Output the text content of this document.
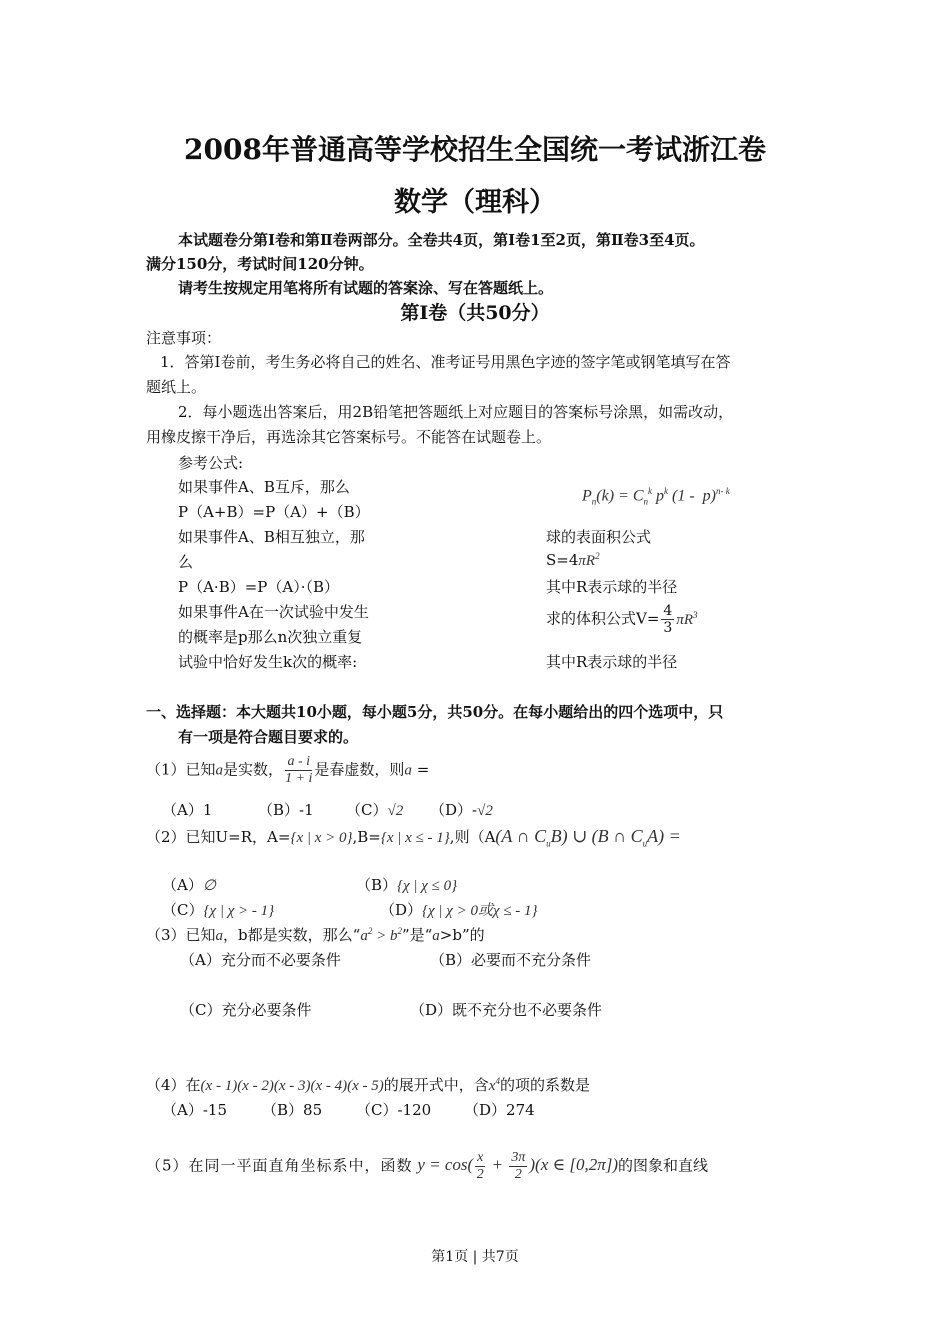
2008年普通高等学校招生全国统一考试浙江卷
数学（理科）
本试题卷分第Ⅰ卷和第Ⅱ卷两部分。全卷共4页，第Ⅰ卷1至2页，第Ⅱ卷3至4页。
满分150分，考试时间120分钟。
请考生按规定用笔将所有试题的答案涂、写在答题纸上。
第Ⅰ卷（共50分）
注意事项：
1．答第Ⅰ卷前，考生务必将自己的姓名、准考证号用黑色字迹的签字笔或钢笔填写在答
题纸上。
2．每小题选出答案后，用2B铅笔把答题纸上对应题目的答案标号涂黑，如需改动，
用橡皮擦干净后，再选涂其它答案标号。不能答在试题卷上。
参考公式:
如果事件A、B互斥，那么
P（A+B）=P（A）+（B）
如果事件A、B相互独立，那
么
P（A·B）=P（A）·（B）
如果事件A在一次试验中发生
的概率是p那么n次独立重复
试验中恰好发生k次的概率:
$P_n(k) = C_n^k$ $p^k$ (1 -  p)$^{n- k}$
球的表面积公式
$S=4\pi R^2$
其中R表示球的半径
求的体积公式$V= \frac{4}{3} \pi R^3$
其中R表示球的半径
一、选择题：本大题共10小题，每小题5分，共50分。在每小题给出的四个选项中，只
有一项是符合题目要求的。
（1）已知a是实数， $\frac{a - i}{1 + i}$ 是春虚数，则a =
（A）1	（B）-1 （C）√2 （D）-√2
（2）已知U=R，A={x | x > 0},B={x | x ≤ - 1},则（A(A ∩ $C_uB$) ∪ (B ∩ $C_uA$) =
（A）∅	（B）{χ | χ ≤ 0}
（C）{χ | χ > - 1}	（D）{χ | χ > 0或χ ≤ - 1}
（3）已知a，b都是实数，那么“$a^2 > b^2$”是“a>b”的
（A）充分而不必要条件	（B）必要而不充分条件
（C）充分必要条件	（D）既不充分也不必要条件
（4）在(x - 1)(x - 2)(x - 3)(x - 4)(x - 5)的展开式中，含$x^4$的项的系数是
（A）-15 （B）85 （C）-120 （D）274
（5）在同一平面直角坐标系中，函数 $y = \cos( \frac{x}{2} + \frac{3\pi}{2} )(x$ ∈ [0,2π])的图象和直线
第1页 | 共7页
